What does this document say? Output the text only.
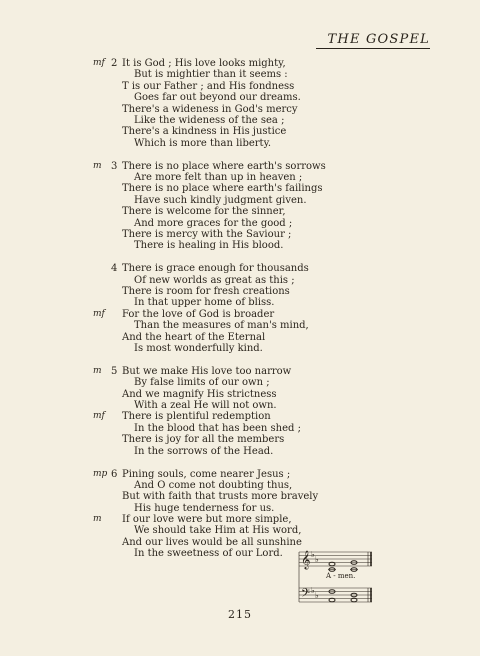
THE GOSPEL
mf 2 It is God ; His love looks mighty,
But is mightier than it seems :
T is our Father ; and His fondness
Goes far out beyond our dreams.
There's a wideness in God's mercy
Like the wideness of the sea ;
There's a kindness in His justice
Which is more than liberty.
m 3 There is no place where earth's sorrows
Are more felt than up in heaven ;
There is no place where earth's failings
Have such kindly judgment given.
There is welcome for the sinner,
And more graces for the good ;
There is mercy with the Saviour ;
There is healing in His blood.
4 There is grace enough for thousands
Of new worlds as great as this ;
There is room for fresh creations
In that upper home of bliss.
mf For the love of God is broader
Than the measures of man's mind,
And the heart of the Eternal
Is most wonderfully kind.
m 5 But we make His love too narrow
By false limits of our own ;
And we magnify His strictness
With a zeal He will not own.
mf There is plentiful redemption
In the blood that has been shed ;
There is joy for all the members
In the sorrows of the Head.
mp 6 Pining souls, come nearer Jesus ;
And O come not doubting thus,
But with faith that trusts more bravely
His huge tenderness for us.
m If our love were but more simple,
We should take Him at His word,
And our lives would be all sunshine
In the sweetness of our Lord. 𝄞
𝄢
♭
♭
♭
♭
A - men.
215
